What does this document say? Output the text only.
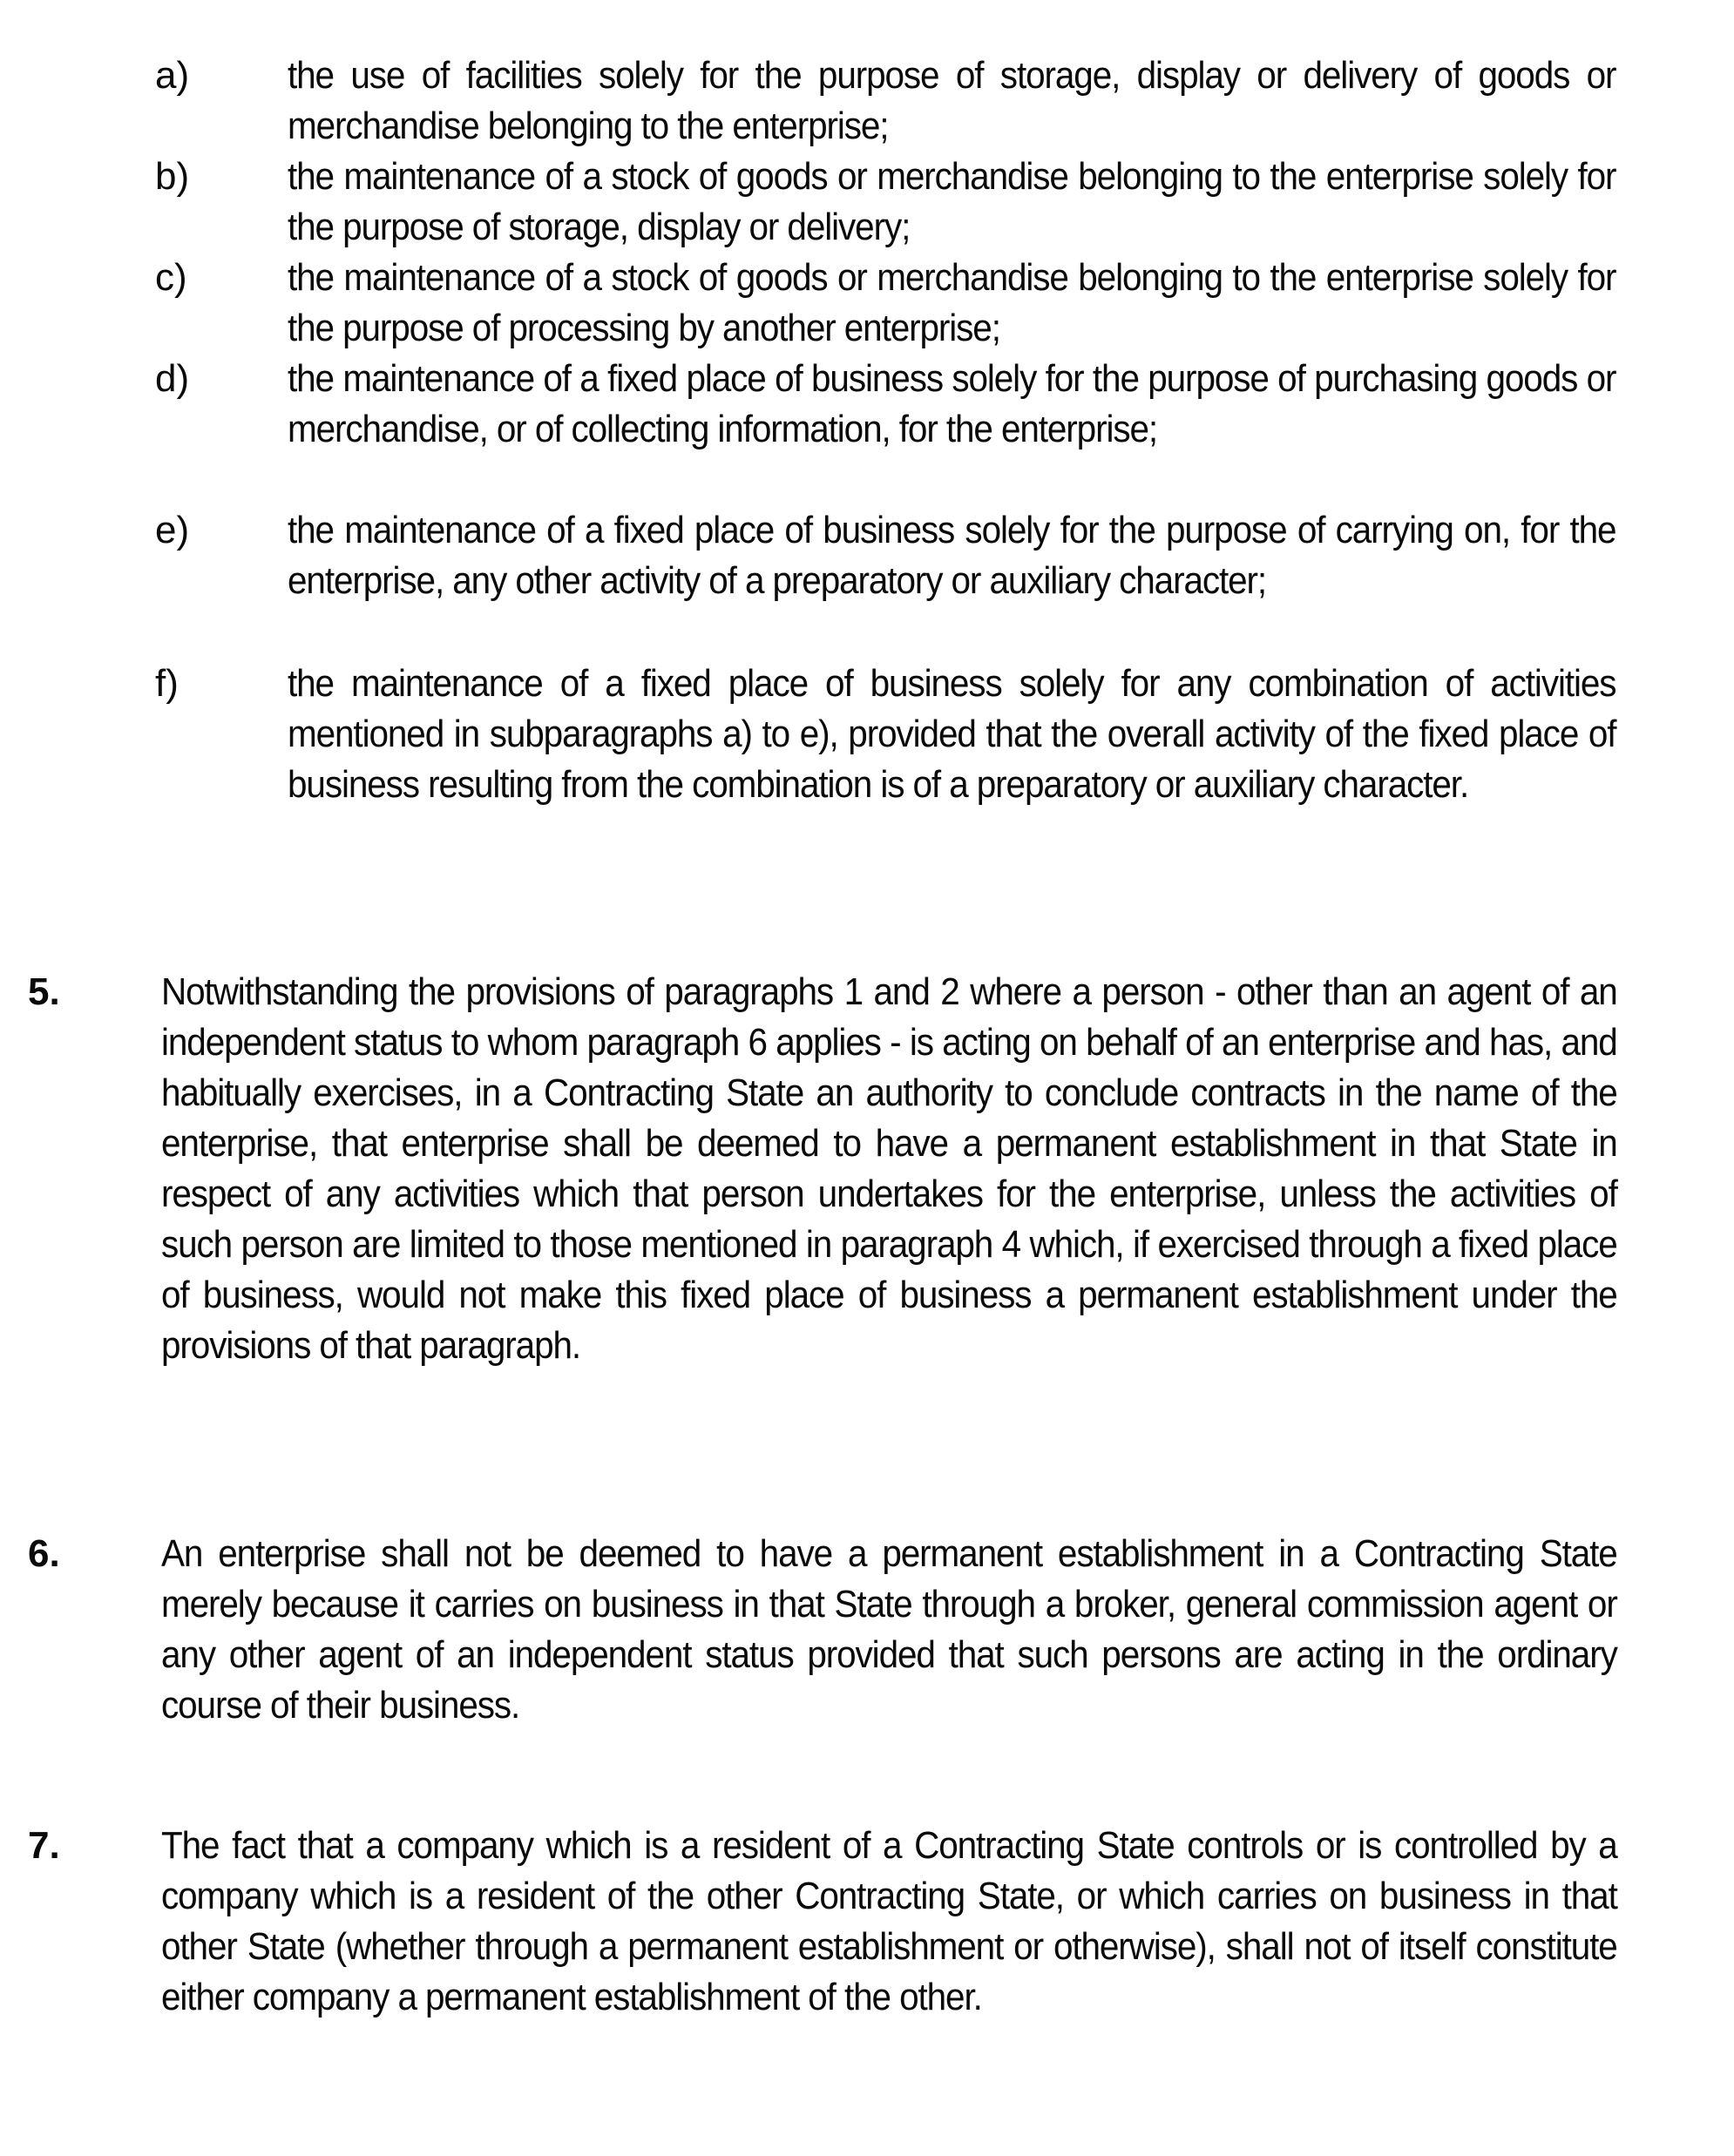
a)	the use of facilities solely for the purpose of storage, display or delivery of goods or merchandise belonging to the enterprise;
b)	the maintenance of a stock of goods or merchandise belonging to the enterprise solely for the purpose of storage, display or delivery;
c)	the maintenance of a stock of goods or merchandise belonging to the enterprise solely for the purpose of processing by another enterprise;
d)	the maintenance of a fixed place of business solely for the purpose of purchasing goods or merchandise, or of collecting information, for the enterprise;
e)	the maintenance of a fixed place of business solely for the purpose of carrying on, for the enterprise, any other activity of a preparatory or auxiliary character;
f)	the maintenance of a fixed place of business solely for any combination of activities mentioned in subparagraphs a) to e), provided that the overall activity of the fixed place of business resulting from the combination is of a preparatory or auxiliary character.
5.	Notwithstanding the provisions of paragraphs 1 and 2 where a person - other than an agent of an independent status to whom paragraph 6 applies - is acting on behalf of an enterprise and has, and habitually exercises, in a Contracting State an authority to conclude contracts in the name of the enterprise, that enterprise shall be deemed to have a permanent establishment in that State in respect of any activities which that person undertakes for the enterprise, unless the activities of such person are limited to those mentioned in paragraph 4 which, if exercised through a fixed place of business, would not make this fixed place of business a permanent establishment under the provisions of that paragraph.
6.	An enterprise shall not be deemed to have a permanent establishment in a Contracting State merely because it carries on business in that State through a broker, general commission agent or any other agent of an independent status provided that such persons are acting in the ordinary course of their business.
7.	The fact that a company which is a resident of a Contracting State controls or is controlled by a company which is a resident of the other Contracting State, or which carries on business in that other State (whether through a permanent establishment or otherwise), shall not of itself constitute either company a permanent establishment of the other.
